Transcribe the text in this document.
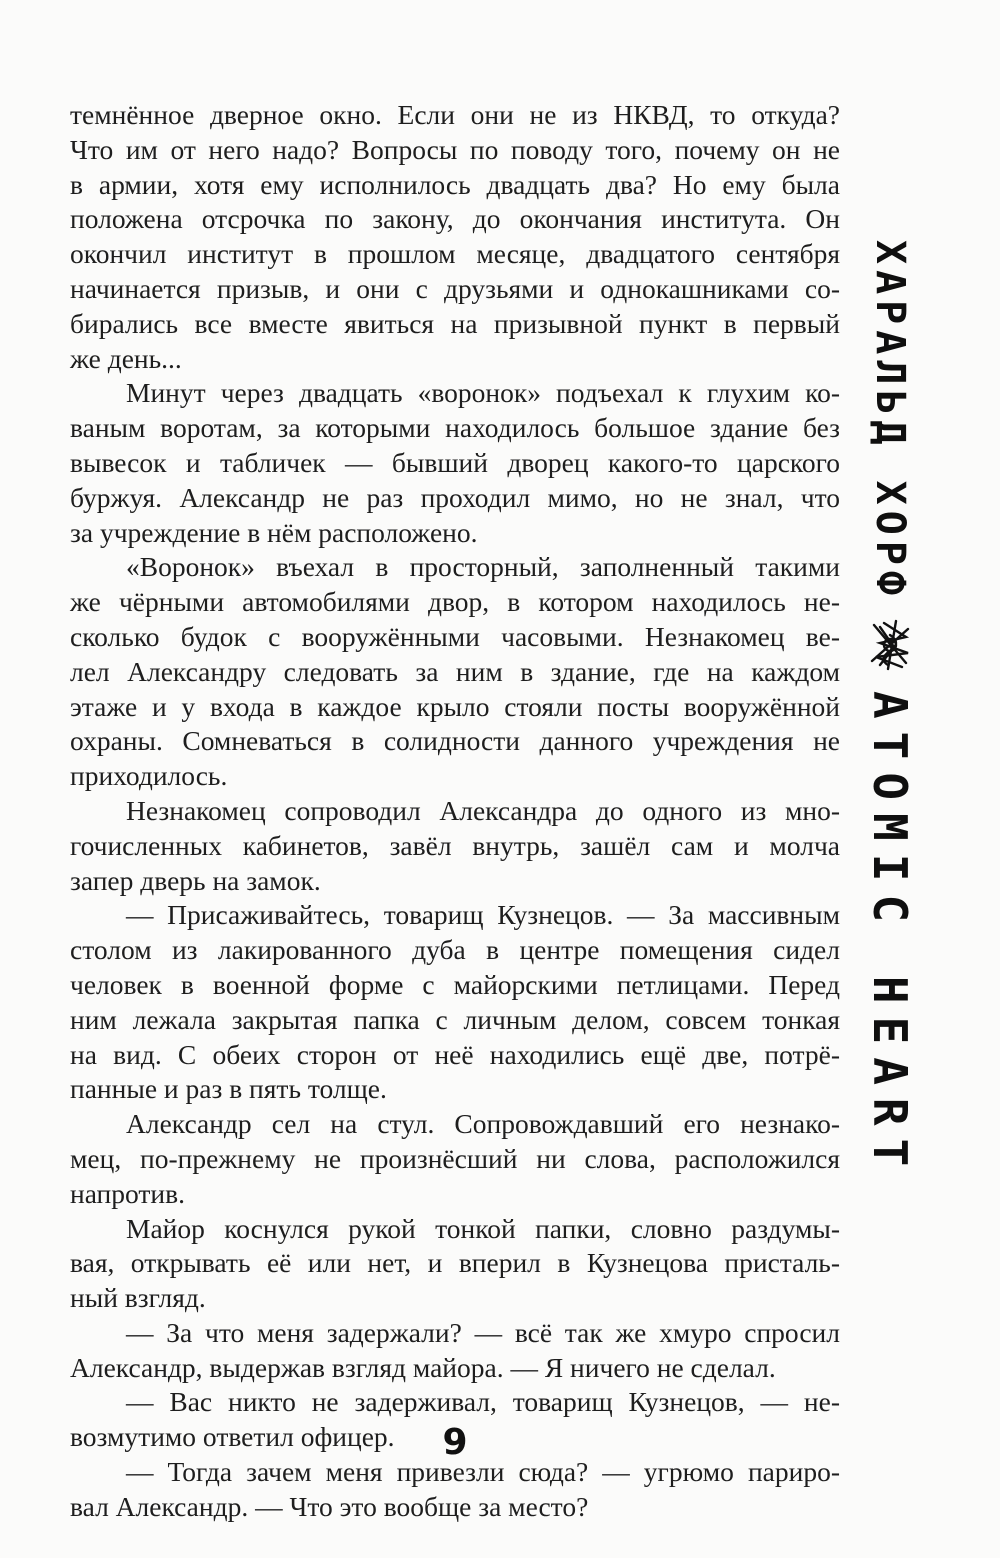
темнённое дверное окно. Если они не из НКВД, то откуда?
Что им от него надо? Вопросы по поводу того, почему он не
в армии, хотя ему исполнилось двадцать два? Но ему была
положена отсрочка по закону, до окончания института. Он
окончил институт в прошлом месяце, двадцатого сентября
начинается призыв, и они с друзьями и однокашниками со-
бирались все вместе явиться на призывной пункт в первый
же день...
Минут через двадцать «воронок» подъехал к глухим ко-
ваным воротам, за которыми находилось большое здание без
вывесок и табличек — бывший дворец какого-то царского
буржуя. Александр не раз проходил мимо, но не знал, что
за учреждение в нём расположено.
«Воронок» въехал в просторный, заполненный такими
же чёрными автомобилями двор, в котором находилось не-
сколько будок с вооружёнными часовыми. Незнакомец ве-
лел Александру следовать за ним в здание, где на каждом
этаже и у входа в каждое крыло стояли посты вооружённой
охраны. Сомневаться в солидности данного учреждения не
приходилось.
Незнакомец сопроводил Александра до одного из мно-
гочисленных кабинетов, завёл внутрь, зашёл сам и молча
запер дверь на замок.
— Присаживайтесь, товарищ Кузнецов. — За массивным
столом из лакированного дуба в центре помещения сидел
человек в военной форме с майорскими петлицами. Перед
ним лежала закрытая папка с личным делом, совсем тонкая
на вид. С обеих сторон от неё находились ещё две, потрё-
панные и раз в пять толще.
Александр сел на стул. Сопровождавший его незнако-
мец, по-прежнему не произнёсший ни слова, расположился
напротив.
Майор коснулся рукой тонкой папки, словно раздумы-
вая, открывать её или нет, и вперил в Кузнецова присталь-
ный взгляд.
— За что меня задержали? — всё так же хмуро спросил
Александр, выдержав взгляд майора. — Я ничего не сделал.
— Вас никто не задерживал, товарищ Кузнецов, — не-
возмутимо ответил офицер.
— Тогда зачем меня привезли сюда? — угрюмо париро-
вал Александр. — Что это вообще за место?
ХАРАЛЬД ХОРФ
ATOMIC HEART
9
